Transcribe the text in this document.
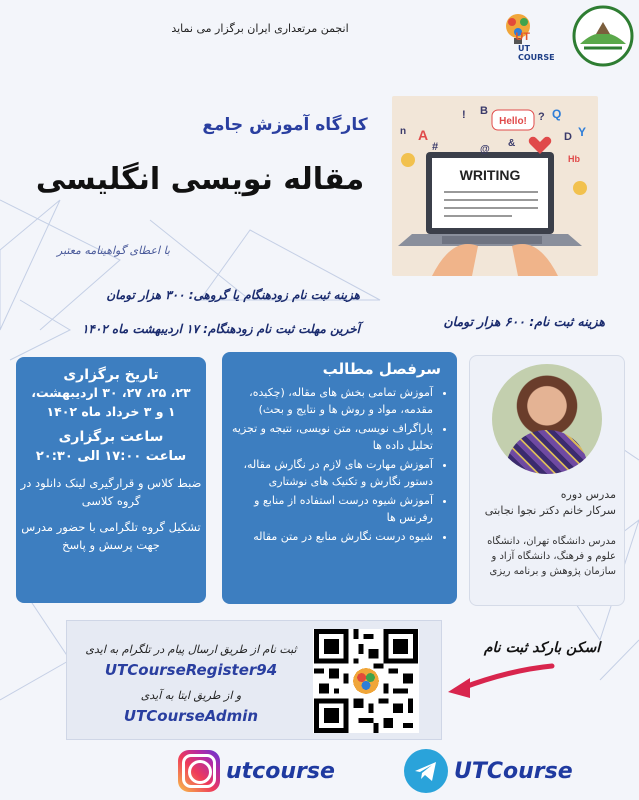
انجمن مرتعداری ایران برگزار می نماید
UT
UT COURSE
کارگاه آموزش جامع
مقاله نویسی انگلیسی
با اعطای گواهینامه معتبر
WRITING
Hello!
B
A
Q
Y
D
@
#
n
&
Hb
?
!
هزینه ثبت نام زودهنگام یا گروهی: ۳۰۰ هزار تومان
هزینه ثبت نام: ۶۰۰ هزار تومان
آخرین مهلت ثبت نام زودهنگام: ۱۷ اردیبهشت ماه ۱۴۰۲
تاریخ برگزاری
۲۳، ۲۵، ۲۷، ۳۰ اردیبهشت،
۱ و ۳ خرداد ماه ۱۴۰۲
ساعت برگزاری
ساعت ۱۷:۰۰ الی ۲۰:۳۰
ضبط کلاس و قرارگیری لینک دانلود در گروه کلاسی
تشکیل گروه تلگرامی با حضور مدرس جهت پرسش و پاسخ
سرفصل مطالب
• آموزش تمامی بخش های مقاله، (چکیده، مقدمه، مواد و روش ها و نتایج و بحث)
• پاراگراف نویسی، متن نویسی، نتیجه و تجزیه تحلیل داده ها
• آموزش مهارت های لازم در نگارش مقاله، دستور نگارش و تکنیک های نوشتاری
• آموزش شیوه درست استفاده از منابع و رفرنس ها
• شیوه درست نگارش منابع در متن مقاله
مدرس دوره
سرکار خانم دکتر نجوا نجابتی
مدرس دانشگاه تهران، دانشگاه علوم و فرهنگ، دانشگاه آزاد و سازمان پژوهش و برنامه ریزی
ثبت نام از طریق ارسال پیام در تلگرام به ایدی
UTCourseRegister94
و از طریق ایتا به آیدی
UTCourseAdmin
اسکن بارکد ثبت نام
utcourse	UTCourse
